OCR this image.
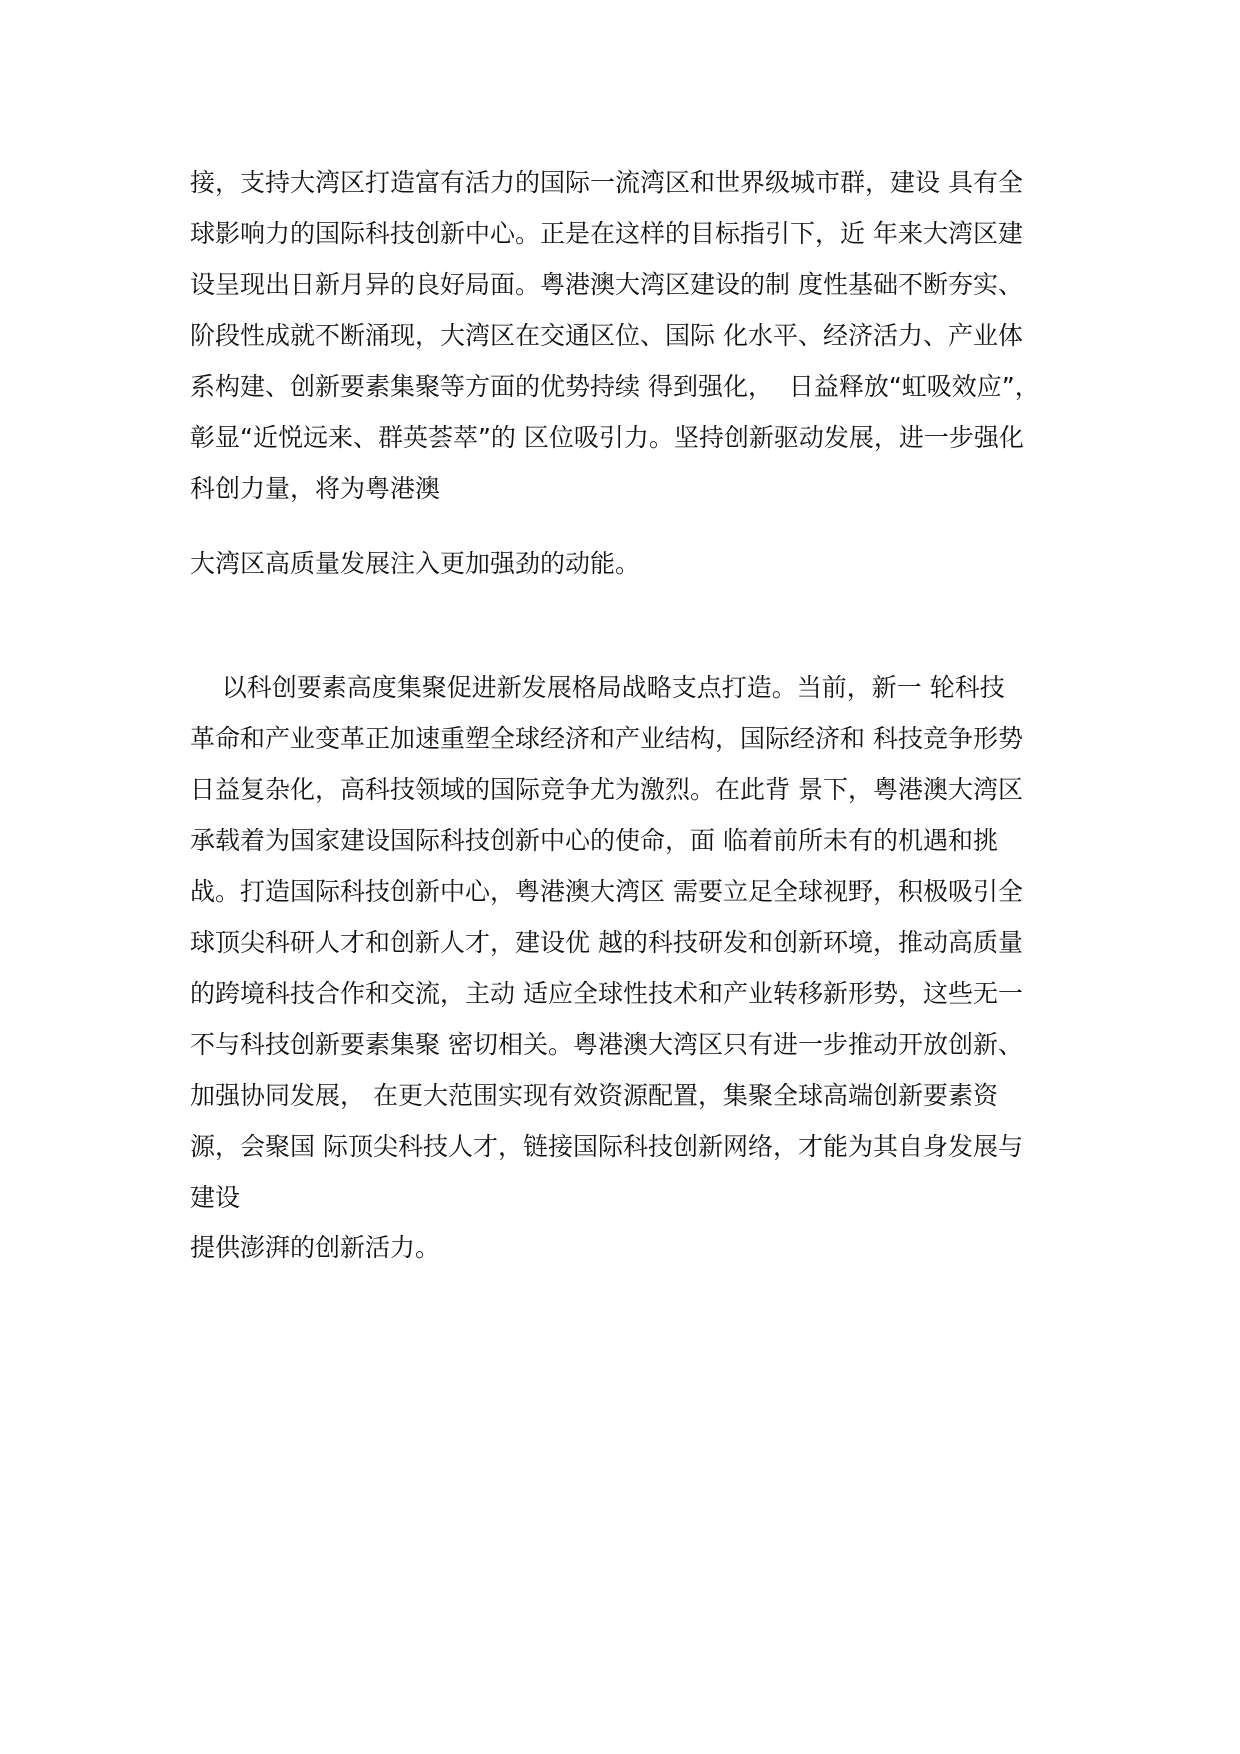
接，支持大湾区打造富有活力的国际一流湾区和世界级城市群，建设 具有全
球影响力的国际科技创新中心。正是在这样的目标指引下，近 年来大湾区建
设呈现出日新月异的良好局面。粤港澳大湾区建设的制 度性基础不断夯实、
阶段性成就不断涌现，大湾区在交通区位、国际 化水平、经济活力、产业体
系构建、创新要素集聚等方面的优势持续 得到强化，  日益释放“虹吸效应”，
彰显“近悦远来、群英荟萃”的 区位吸引力。坚持创新驱动发展，进一步强化
科创力量，将为粤港澳

大湾区高质量发展注入更加强劲的动能。

以科创要素高度集聚促进新发展格局战略支点打造。当前，新一 轮科技
革命和产业变革正加速重塑全球经济和产业结构，国际经济和 科技竞争形势
日益复杂化，高科技领域的国际竞争尤为激烈。在此背 景下，粤港澳大湾区
承载着为国家建设国际科技创新中心的使命，面 临着前所未有的机遇和挑
战。打造国际科技创新中心，粤港澳大湾区 需要立足全球视野，积极吸引全
球顶尖科研人才和创新人才，建设优 越的科技研发和创新环境，推动高质量
的跨境科技合作和交流，主动 适应全球性技术和产业转移新形势，这些无一
不与科技创新要素集聚 密切相关。粤港澳大湾区只有进一步推动开放创新、
加强协同发展， 在更大范围实现有效资源配置，集聚全球高端创新要素资
源，会聚国 际顶尖科技人才，链接国际科技创新网络，才能为其自身发展与
建设

提供澎湃的创新活力。
